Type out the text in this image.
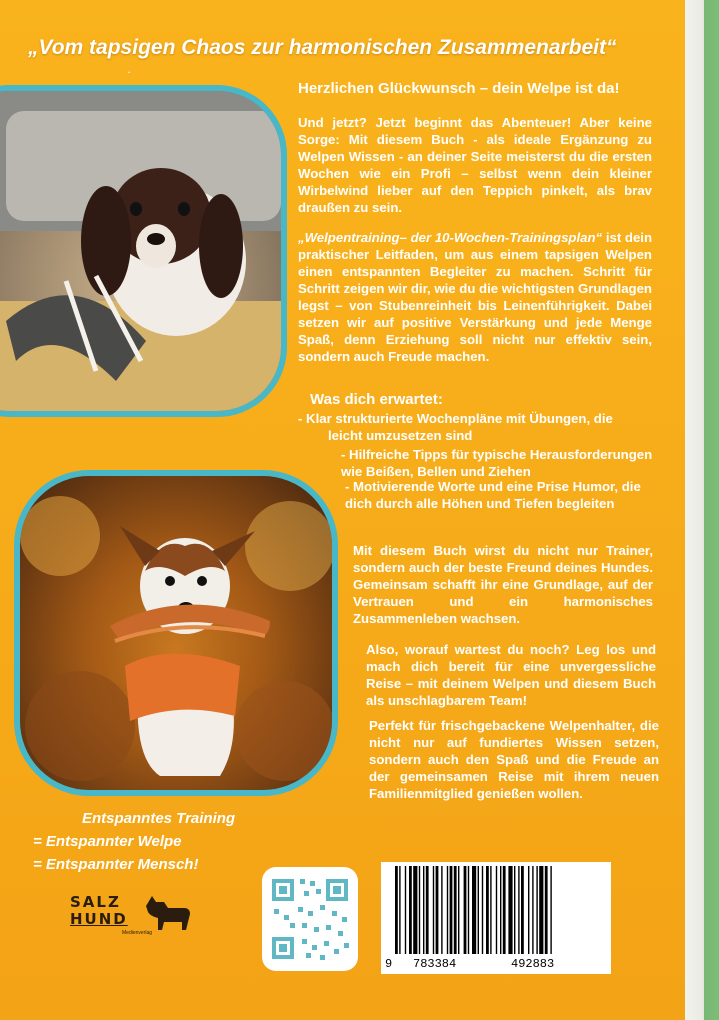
„Vom tapsigen Chaos zur harmonischen Zusammenarbeit“

.

Herzlichen Glückwunsch – dein Welpe ist da!

Und jetzt? Jetzt beginnt das Abenteuer! Aber keine Sorge: Mit diesem Buch - als ideale Ergänzung zu Welpen Wissen - an deiner Seite meisterst du die ersten Wochen wie ein Profi – selbst wenn dein kleiner Wirbelwind lieber auf den Teppich pinkelt, als brav draußen zu sein.

„Welpentraining– der 10-Wochen-Trainingsplan“ ist dein praktischer Leitfaden, um aus einem tapsigen Welpen einen entspannten Begleiter zu machen. Schritt für Schritt zeigen wir dir, wie du die wichtigsten Grundlagen legst – von Stubenreinheit bis Leinenführigkeit. Dabei setzen wir auf positive Verstärkung und jede Menge Spaß, denn Erziehung soll nicht nur effektiv sein, sondern auch Freude machen.

Was dich erwartet:

- Klar strukturierte Wochenpläne mit Übungen, die

leicht umzusetzen sind

- Hilfreiche Tipps für typische Herausforderungen wie Beißen, Bellen und Ziehen

- Motivierende Worte und eine Prise Humor, die dich durch alle Höhen und Tiefen begleiten

Mit diesem Buch wirst du nicht nur Trainer, sondern auch der beste Freund deines Hundes. Gemeinsam schafft ihr eine Grundlage, auf der Vertrauen und ein harmonisches Zusammenleben wachsen.

Also, worauf wartest du noch? Leg los und mach dich bereit für eine unvergessliche Reise – mit deinem Welpen und diesem Buch als unschlagbarem Team!

Perfekt für frischgebackene Welpenhalter, die nicht nur auf fundiertes Wissen setzen, sondern auch den Spaß und die Freude an der gemeinsamen Reise mit ihrem neuen Familienmitglied genießen wollen.

Entspanntes Training
= Entspannter Welpe
= Entspannter Mensch!
SALZ
HUND
Medienverlag
9 783384	492883
